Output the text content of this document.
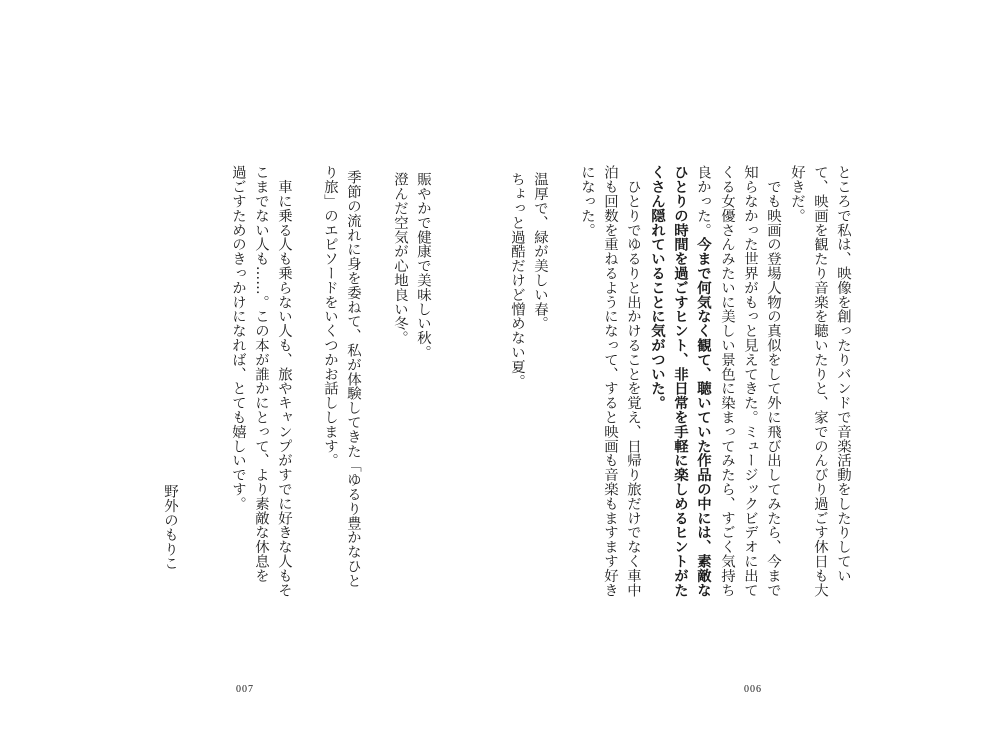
ところで私は、映像を創ったりバンドで音楽活動をしたりしてい
て、映画を観たり音楽を聴いたりと、家でのんびり過ごす休日も大
好きだ。
　でも映画の登場人物の真似をして外に飛び出してみたら、今まで
知らなかった世界がもっと見えてきた。ミュージックビデオに出て
くる女優さんみたいに美しい景色に染まってみたら、すごく気持ち
良かった。今まで何気なく観て、聴いていた作品の中には、素敵な
ひとりの時間を過ごすヒント、非日常を手軽に楽しめるヒントがた
くさん隠れていることに気がついた。
　ひとりでゆるりと出かけることを覚え、日帰り旅だけでなく車中
泊も回数を重ねるようになって、すると映画も音楽もますます好き
になった。
温厚で、緑が美しい春。
ちょっと過酷だけど憎めない夏。
006
賑やかで健康で美味しい秋。
澄んだ空気が心地良い冬。
季節の流れに身を委ねて、私が体験してきた「ゆるり豊かなひと
り旅」のエピソードをいくつかお話しします。
　車に乗る人も乗らない人も、旅やキャンプがすでに好きな人もそ
こまでない人も……。この本が誰かにとって、より素敵な休息を
過ごすためのきっかけになれば、とても嬉しいです。
野外のもりこ
007
